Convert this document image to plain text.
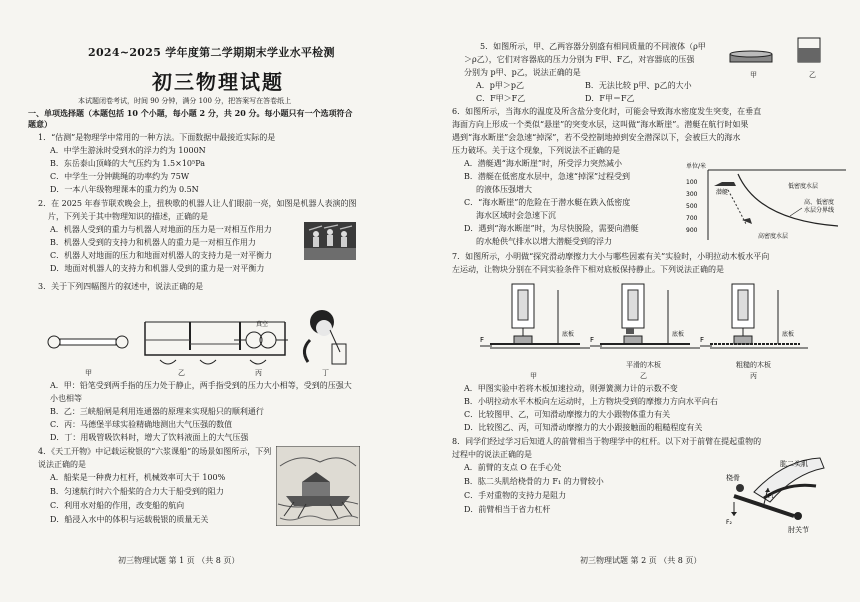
2024~2025 学年度第二学期期末学业水平检测
初三物理试题
本试题闭卷考试，时间 90 分钟，满分 100 分，把答案写在答卷纸上
一、单项选择题（本题包括 10 个小题，每小题 2 分，共 20 分。每小题只有一个选项符合
题意）
1．“估测”是物理学中常用的一种方法。下面数据中最接近实际的是
A．中学生游泳时受到水的浮力约为 1000N
B．东岳泰山顶峰的大气压约为 1.5×10⁵Pa
C．中学生一分钟跳绳的功率约为 75W
D．一本八年级物理课本的重力约为 0.5N
2．在 2025 年春节联欢晚会上，扭秧歌的机器人让人们眼前一亮，如图是机器人表演的图
片，下列关于其中物理知识的描述，正确的是
A．机器人受到的重力与机器人对地面的压力是一对相互作用力
B．机器人受到的支持力和机器人的重力是一对相互作用力
C．机器人对地面的压力和地面对机器人的支持力是一对平衡力
D．地面对机器人的支持力和机器人受到的重力是一对平衡力
3．关于下列四幅图片的叙述中，说法正确的是
真空
甲	乙	丙	丁
A．甲：铅笔受到两手指的压力处于静止，两手指受到的压力大小相等，受到的压强大
小也相等
B．乙：三峡船闸是利用连通器的原理来实现船只的顺利通行
C．丙：马德堡半球实验精确地测出大气压强的数值
D．丁：用吸管吸饮料时，增大了饮料液面上的大气压强
4．《天工开物》中记载运稅银的“六浆课船”的场景如图所示，下列
说法正确的是
A．船桨是一种费力杠杆，机械效率可大于 100%
B．匀速航行时六个船桨的合力大于船受到的阻力
C．利用水对船的作用，改变船的航向
D．船浸入水中的体积与运载税银的质量无关
初三物理试题 第 1 页 （共 8 页）
5．如图所示，甲、乙两容器分别盛有相同质量的不同液体（ρ甲
＞ρ乙），它们对容器底的压力分别为 F甲、F乙，对容器底的压强
分别为 p甲、p乙，说法正确的是
A．p甲＞p乙	B．无法比较 p甲、p乙的大小
C．F甲＞F乙	D．F甲＝F乙
甲	乙
6．如图所示，当海水的温度及所含盐分变化时，可能会导致海水密度发生突变，在垂直
海面方向上形成一个类似“悬崖”的突变水层，这叫做“海水断崖”。潜艇在航行时如果
遇到“海水断崖”会急速“掉深”，若不受控制地掉到安全潜深以下，会被巨大的海水
压力破坏。关于这个现象，下列说法不正确的是
A．潜艇遇“海水断崖”时，所受浮力突然减小
B．潜艇在低密度水层中，急速“掉深”过程受到
的液体压强增大
C．“海水断崖”的危险在于潜水艇在跌入低密度
海水区域时会急速下沉
D．遇到“海水断崖”时，为尽快脱险，需要向潜艇
的水舱供气排水以增大潜艇受到的浮力
单位/米
100
300
500
700
900
潜艇
低密度水层
高、低密度
水层分界线
高密度水层
7．如图所示，小明做“探究滑动摩擦力大小与哪些因素有关”实验时，小明拉动木板水平向
左运动，让物块分别在不同实验条件下相对底板保持静止。下列说法正确的是
F
底板
F
底板
F
底板
平滑的木板	粗糙的木板
甲	乙	丙
A．甲图实验中若将木板加速拉动，则弹簧测力计的示数不变
B．小明拉动水平木板向左运动时，上方物块受到的摩擦力方向水平向右
C．比较图甲、乙，可知滑动摩擦力的大小跟物体重力有关
D．比较图乙、丙，可知滑动摩擦力的大小跟接触面的粗糙程度有关
8．同学们经过学习后知道人的前臂相当于物理学中的杠杆。以下对于前臂在提起重物的
过程中的说法正确的是
A．前臂的支点 O 在手心处
B．肱二头肌给桡骨的力 F₁ 的力臂较小
C．手对重物的支持力是阻力
D．前臂相当于省力杠杆
肱二头肌
桡骨
F₁
F₂
肘关节
初三物理试题 第 2 页 （共 8 页）
